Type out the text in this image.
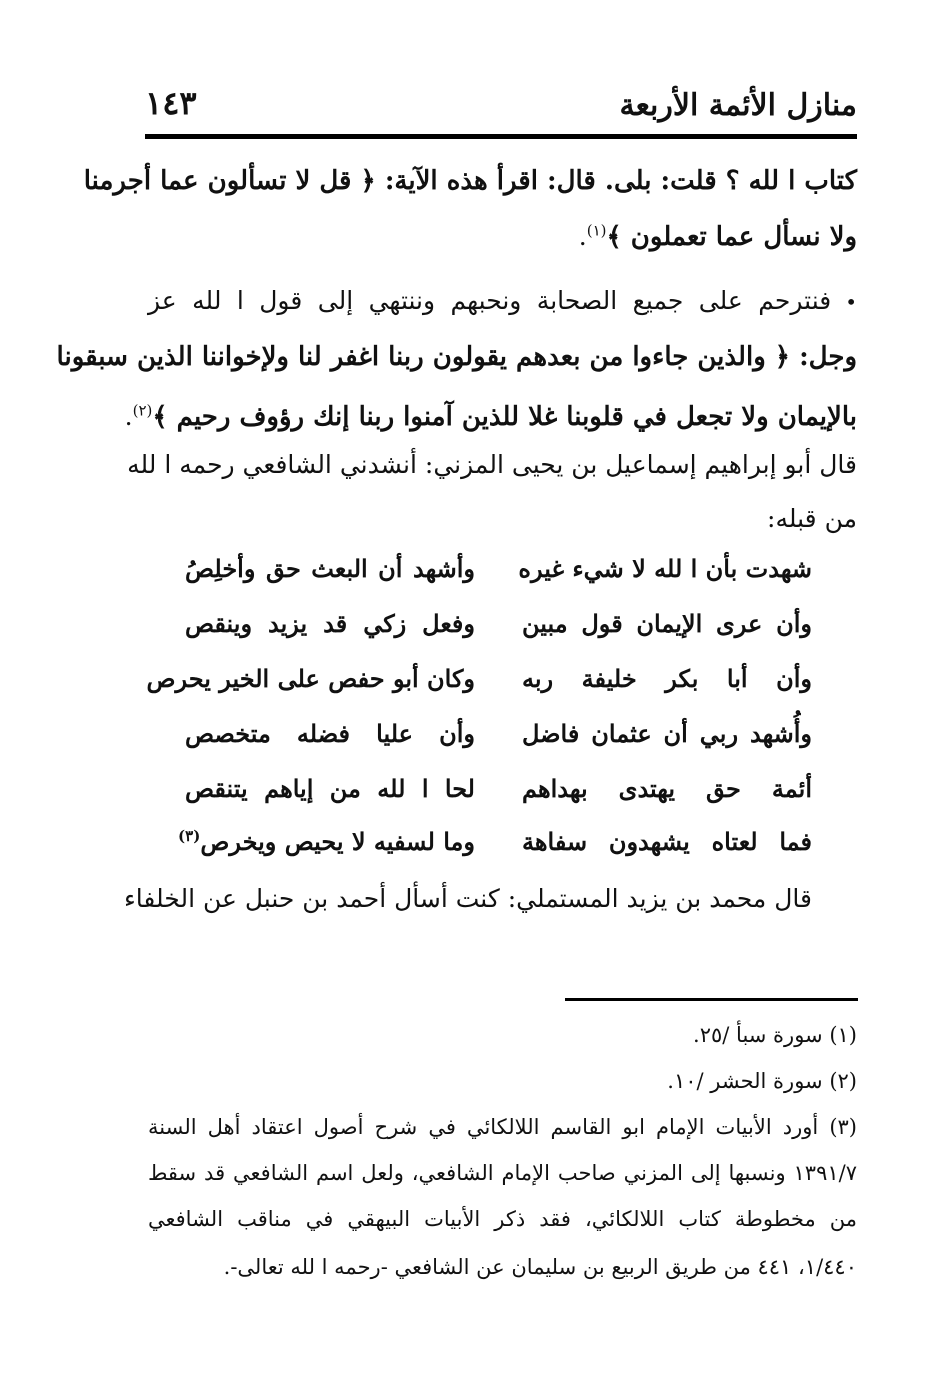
منازل الأئمة الأربعة
١٤٣
كتاب ا لله ؟ قلت: بلى. قال: اقرأ هذه الآية: ﴿ قل لا تسألون عما أجرمنا
ولا نسأل عما تعملون ﴾$^{(١)}$.
•فنترحم على جميع الصحابة ونحبهم وننتهي إلى قول ا لله عز
وجل: ﴿ والذين جاءوا من بعدهم يقولون ربنا اغفر لنا ولإخواننا الذين سبقونا
بالإيمان ولا تجعل في قلوبنا غلا للذين آمنوا ربنا إنك رؤوف رحيم ﴾$^{(٢)}$.
قال أبو إبراهيم إسماعيل بن يحيى المزني: أنشدني الشافعي رحمه ا لله
من قبله:
شهدت بأن ا لله لا شيء غيره
وأشهد أن البعث حق وأخلِصُ
وأن عرى الإيمان قول مبين
وفعل زكي قد يزيد وينقص
وأن أبا بكر خليفة ربه
وكان أبو حفص على الخير يحرص
وأُشهد ربي أن عثمان فاضل
وأن عليا فضله متخصص
أئمة حق يهتدى بهداهم
لحا ا لله من إياهم يتنقص
فما لعتاه يشهدون سفاهة
وما لسفيه لا يحيص ويخرص$^{(٣)}$
قال محمد بن يزيد المستملي: كنت أسأل أحمد بن حنبل عن الخلفاء
(١) سورة سبأ /٢٥.
(٢) سورة الحشر /١٠.
(٣) أورد الأبيات الإمام ابو القاسم اللالكائي في شرح أصول اعتقاد أهل السنة
١٣٩١/٧ ونسبها إلى المزني صاحب الإمام الشافعي، ولعل اسم الشافعي قد سقط
من مخطوطة كتاب اللالكائي، فقد ذكر الأبيات البيهقي في مناقب الشافعي
١/٤٤٠، ٤٤١ من طريق الربيع بن سليمان عن الشافعي -رحمه ا لله تعالى-.
